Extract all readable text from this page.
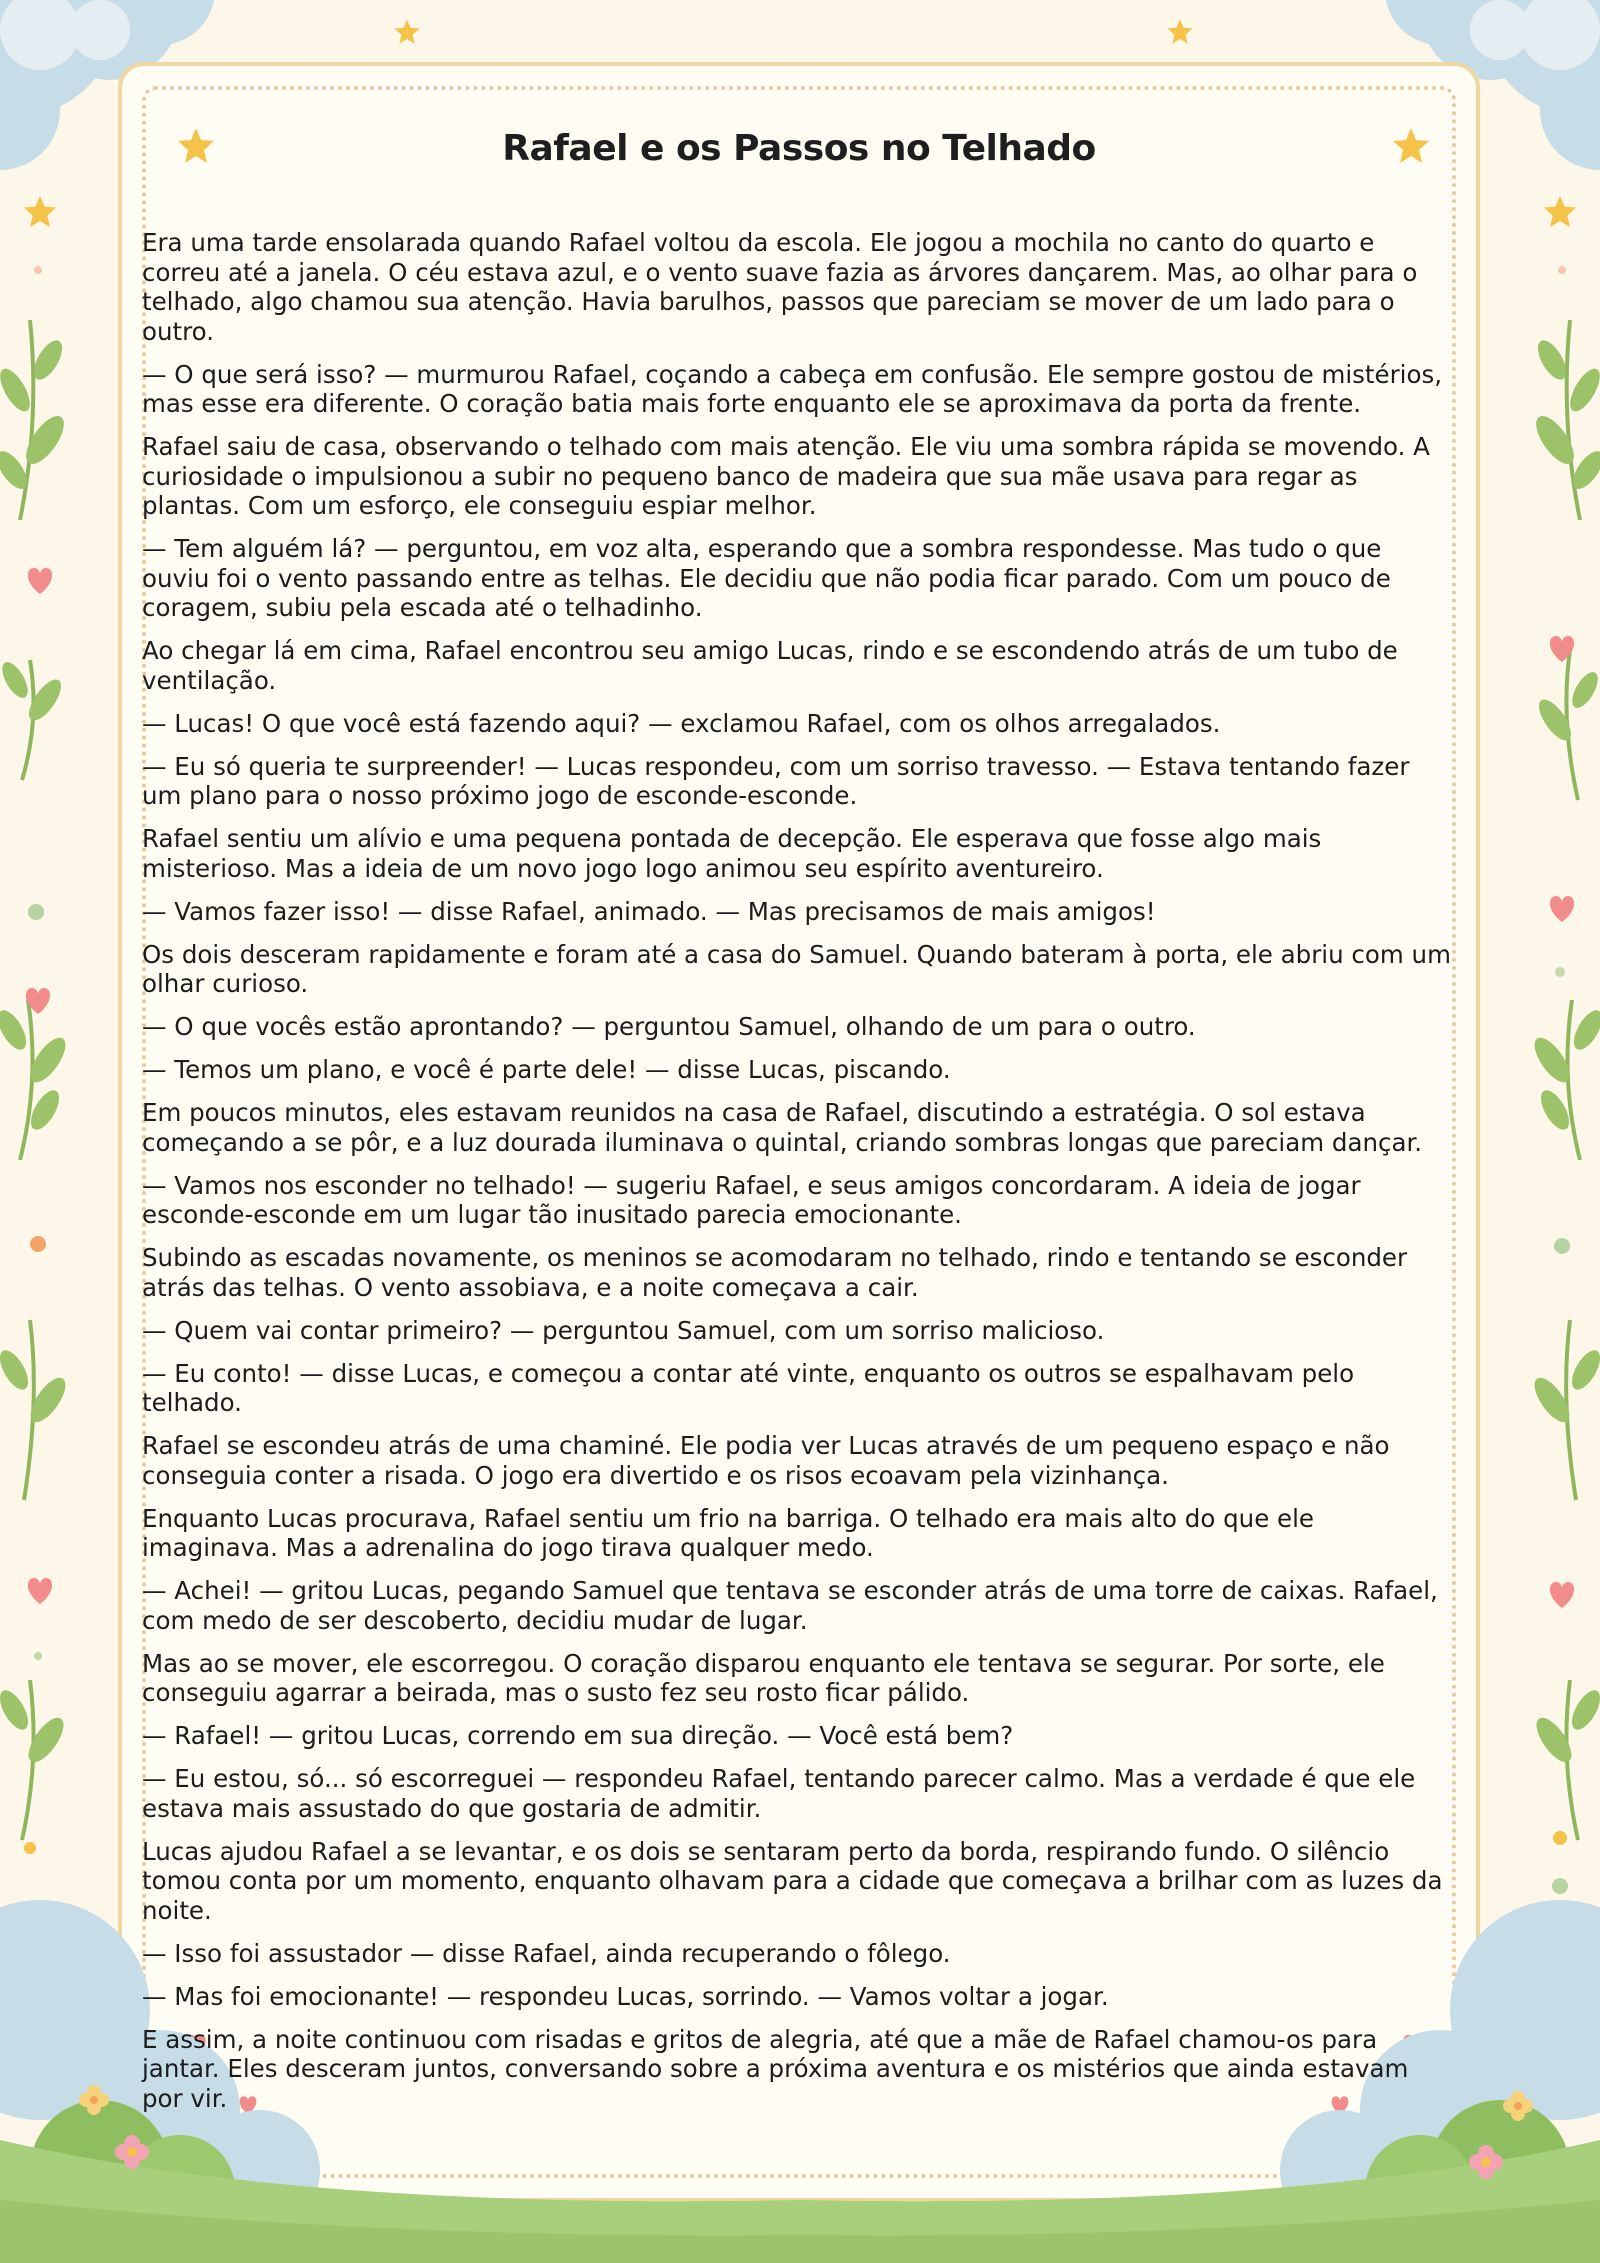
Rafael e os Passos no Telhado

Era uma tarde ensolarada quando Rafael voltou da escola. Ele jogou a mochila no canto do quarto e correu até a janela. O céu estava azul, e o vento suave fazia as árvores dançarem. Mas, ao olhar para o telhado, algo chamou sua atenção. Havia barulhos, passos que pareciam se mover de um lado para o outro.

— O que será isso? — murmurou Rafael, coçando a cabeça em confusão. Ele sempre gostou de mistérios, mas esse era diferente. O coração batia mais forte enquanto ele se aproximava da porta da frente.

Rafael saiu de casa, observando o telhado com mais atenção. Ele viu uma sombra rápida se movendo. A curiosidade o impulsionou a subir no pequeno banco de madeira que sua mãe usava para regar as plantas. Com um esforço, ele conseguiu espiar melhor.

— Tem alguém lá? — perguntou, em voz alta, esperando que a sombra respondesse. Mas tudo o que ouviu foi o vento passando entre as telhas. Ele decidiu que não podia ficar parado. Com um pouco de coragem, subiu pela escada até o telhadinho.

Ao chegar lá em cima, Rafael encontrou seu amigo Lucas, rindo e se escondendo atrás de um tubo de ventilação.

— Lucas! O que você está fazendo aqui? — exclamou Rafael, com os olhos arregalados.

— Eu só queria te surpreender! — Lucas respondeu, com um sorriso travesso. — Estava tentando fazer um plano para o nosso próximo jogo de esconde-esconde.

Rafael sentiu um alívio e uma pequena pontada de decepção. Ele esperava que fosse algo mais misterioso. Mas a ideia de um novo jogo logo animou seu espírito aventureiro.

— Vamos fazer isso! — disse Rafael, animado. — Mas precisamos de mais amigos!

Os dois desceram rapidamente e foram até a casa do Samuel. Quando bateram à porta, ele abriu com um olhar curioso.

— O que vocês estão aprontando? — perguntou Samuel, olhando de um para o outro.

— Temos um plano, e você é parte dele! — disse Lucas, piscando.

Em poucos minutos, eles estavam reunidos na casa de Rafael, discutindo a estratégia. O sol estava começando a se pôr, e a luz dourada iluminava o quintal, criando sombras longas que pareciam dançar.

— Vamos nos esconder no telhado! — sugeriu Rafael, e seus amigos concordaram. A ideia de jogar esconde-esconde em um lugar tão inusitado parecia emocionante.

Subindo as escadas novamente, os meninos se acomodaram no telhado, rindo e tentando se esconder atrás das telhas. O vento assobiava, e a noite começava a cair.

— Quem vai contar primeiro? — perguntou Samuel, com um sorriso malicioso.

— Eu conto! — disse Lucas, e começou a contar até vinte, enquanto os outros se espalhavam pelo telhado.

Rafael se escondeu atrás de uma chaminé. Ele podia ver Lucas através de um pequeno espaço e não conseguia conter a risada. O jogo era divertido e os risos ecoavam pela vizinhança.

Enquanto Lucas procurava, Rafael sentiu um frio na barriga. O telhado era mais alto do que ele imaginava. Mas a adrenalina do jogo tirava qualquer medo.

— Achei! — gritou Lucas, pegando Samuel que tentava se esconder atrás de uma torre de caixas. Rafael, com medo de ser descoberto, decidiu mudar de lugar.

Mas ao se mover, ele escorregou. O coração disparou enquanto ele tentava se segurar. Por sorte, ele conseguiu agarrar a beirada, mas o susto fez seu rosto ficar pálido.

— Rafael! — gritou Lucas, correndo em sua direção. — Você está bem?

— Eu estou, só... só escorreguei — respondeu Rafael, tentando parecer calmo. Mas a verdade é que ele estava mais assustado do que gostaria de admitir.

Lucas ajudou Rafael a se levantar, e os dois se sentaram perto da borda, respirando fundo. O silêncio tomou conta por um momento, enquanto olhavam para a cidade que começava a brilhar com as luzes da noite.

— Isso foi assustador — disse Rafael, ainda recuperando o fôlego.

— Mas foi emocionante! — respondeu Lucas, sorrindo. — Vamos voltar a jogar.

E assim, a noite continuou com risadas e gritos de alegria, até que a mãe de Rafael chamou-os para jantar. Eles desceram juntos, conversando sobre a próxima aventura e os mistérios que ainda estavam por vir.
